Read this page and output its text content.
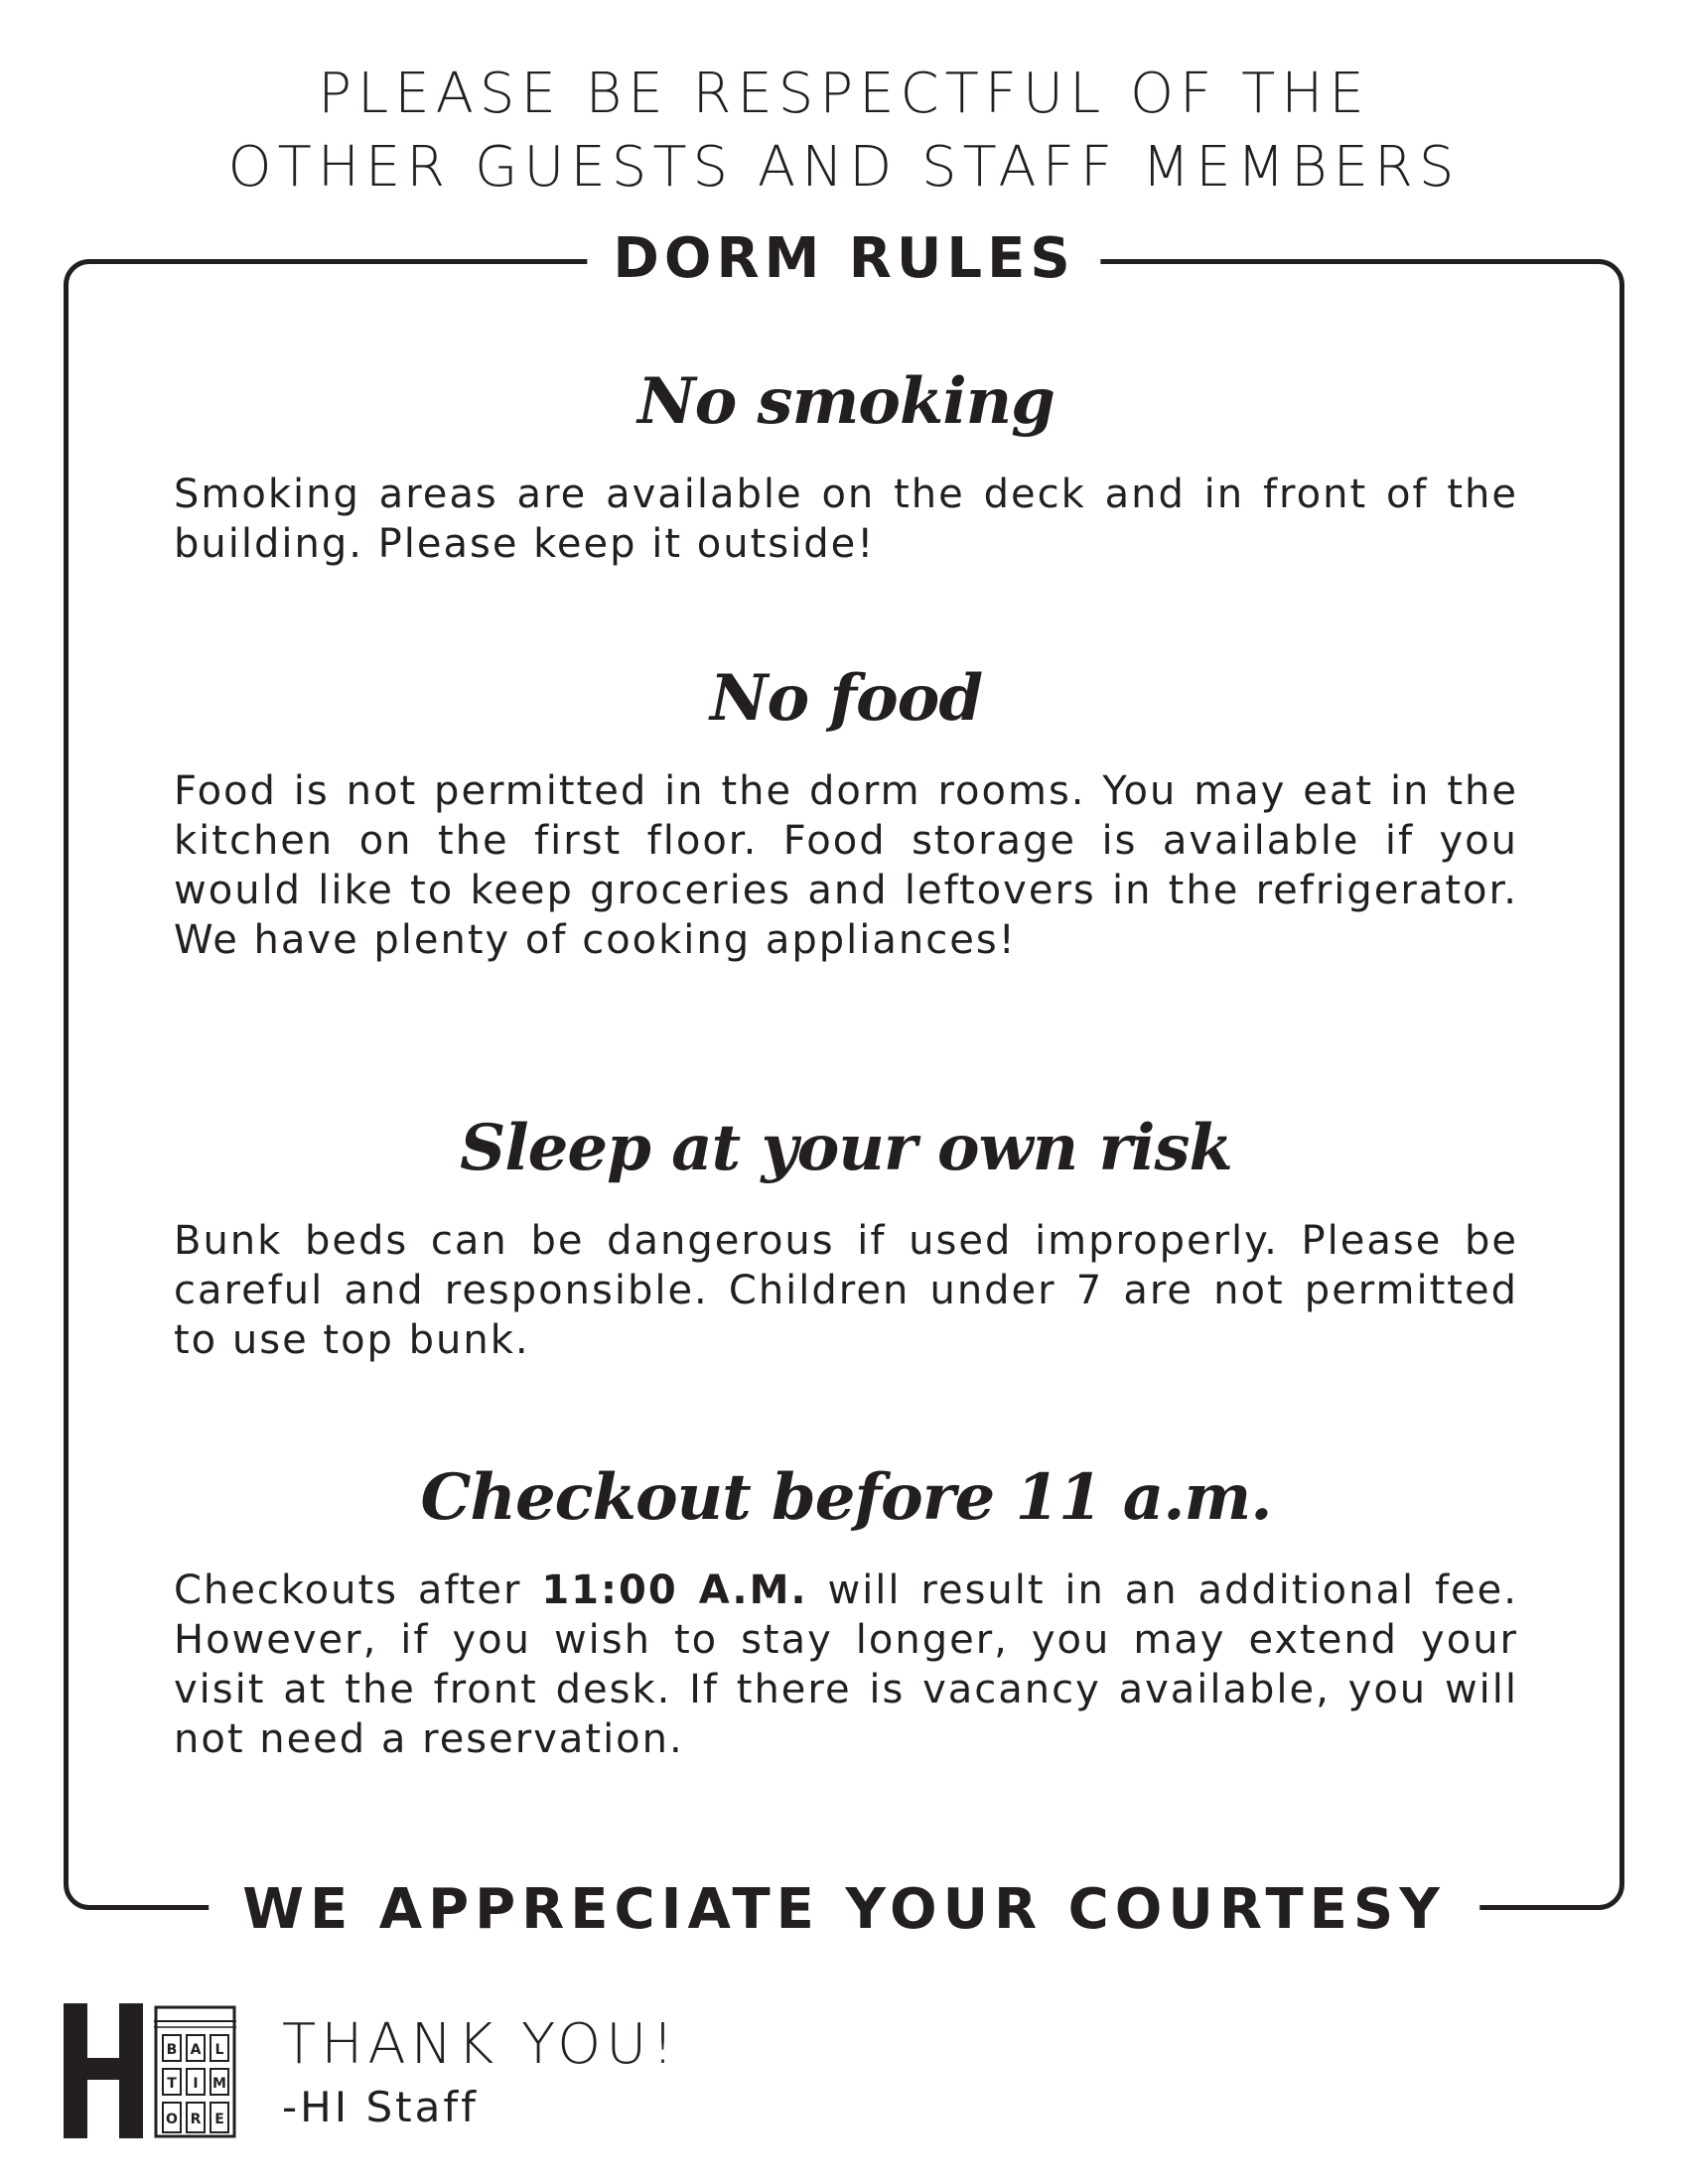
PLEASE BE RESPECTFUL OF THE
OTHER GUESTS AND STAFF MEMBERS
DORM RULES
No smoking
Smoking areas are available on the deck and in front of the building. Please keep it outside!
No food
Food is not permitted in the dorm rooms. You may eat in the kitchen on the first floor. Food storage is available if you would like to keep groceries and leftovers in the refrigerator. We have plenty of cooking appliances!
Sleep at your own risk
Bunk beds can be dangerous if used improperly. Please be careful and responsible. Children under 7 are not permitted to use top bunk.
Checkout before 11 a.m.
Checkouts after 11:00 A.M. will result in an additional fee. However, if you wish to stay longer, you may extend your visit at the front desk. If there is vacancy available, you will not need a reservation.
WE APPRECIATE YOUR COURTESY
B A L
T I M
O R E
THANK YOU!
-HI Staff
